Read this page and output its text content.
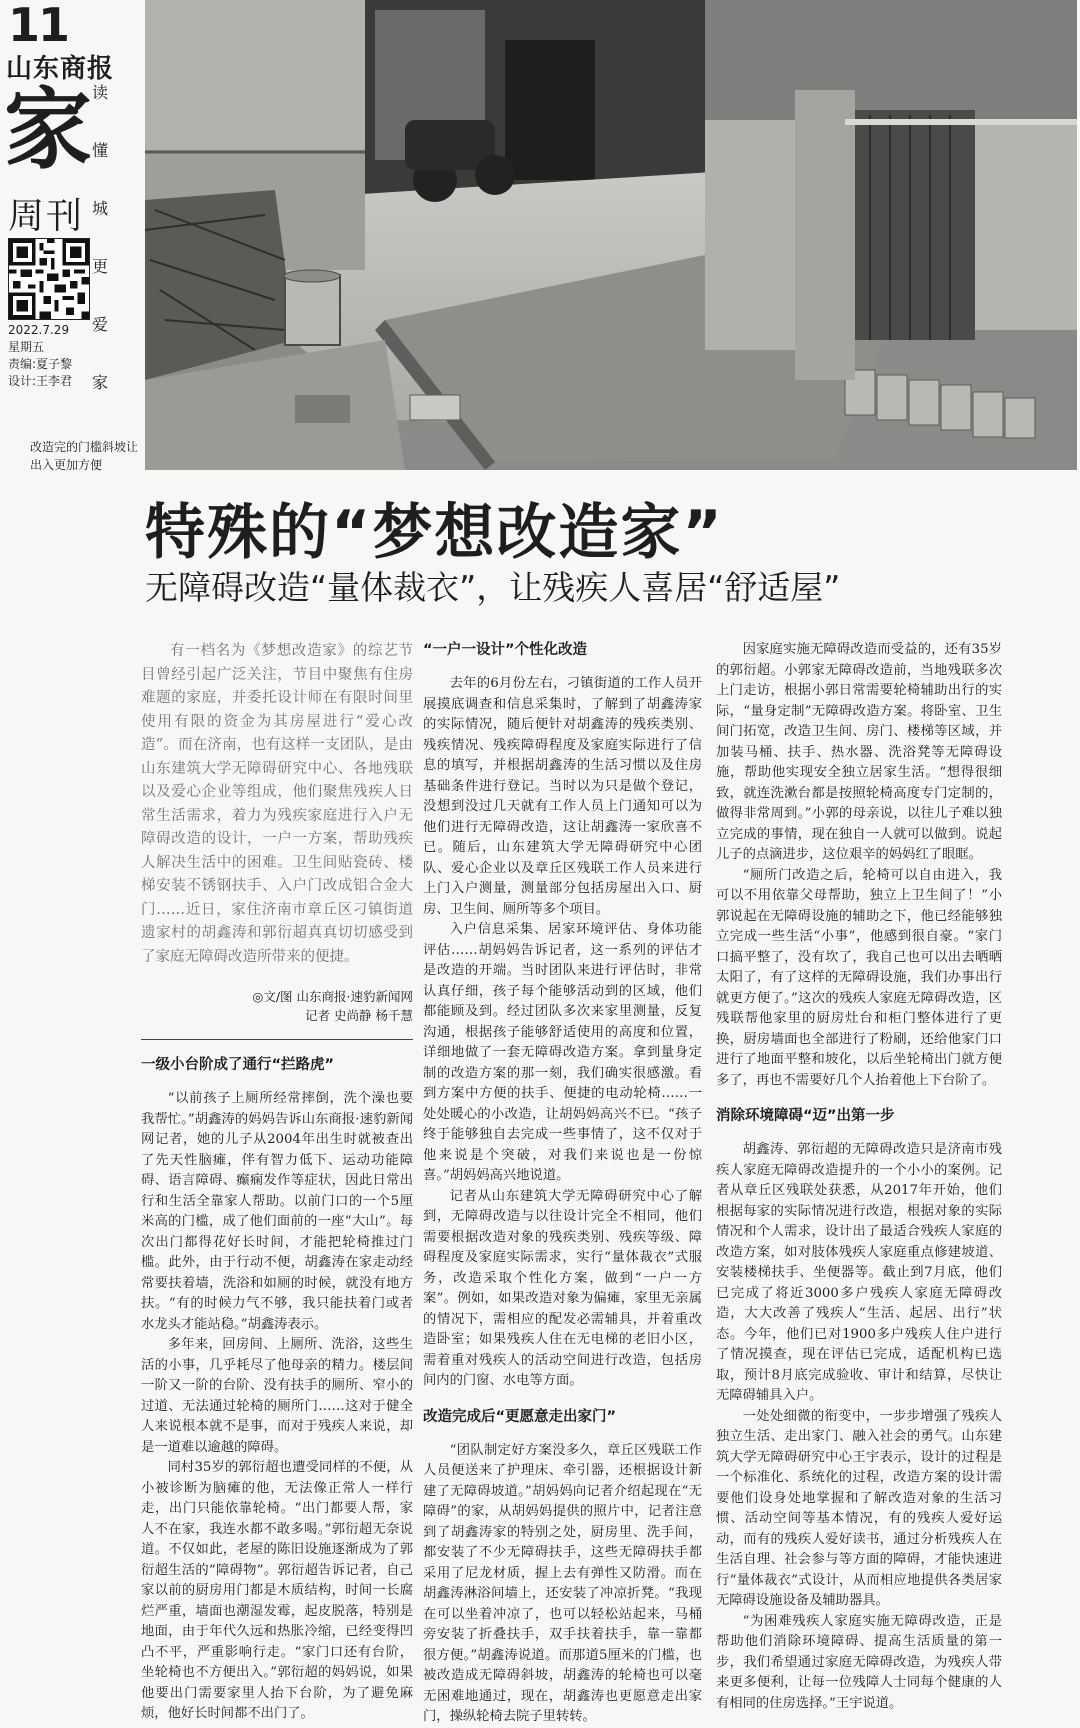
11
山东商报
家
周刊
读
懂
城
更
爱
家
2022.7.29
星期五
责编:夏子黎
设计:王李君
改造完的门槛斜坡让出入更加方便
特殊的“梦想改造家”
无障碍改造“量体裁衣”，让残疾人喜居“舒适屋”

有一档名为《梦想改造家》的综艺节目曾经引起广泛关注，节目中聚焦有住房难题的家庭，并委托设计师在有限时间里使用有限的资金为其房屋进行“爱心改造”。而在济南，也有这样一支团队，是由山东建筑大学无障碍研究中心、各地残联以及爱心企业等组成，他们聚焦残疾人日常生活需求，着力为残疾家庭进行入户无障碍改造的设计，一户一方案，帮助残疾人解决生活中的困难。卫生间贴瓷砖、楼梯安装不锈钢扶手、入户门改成铝合金大门……近日，家住济南市章丘区刁镇街道遗家村的胡鑫涛和郭衍超真真切切感受到了家庭无障碍改造所带来的便捷。

◎文/图 山东商报·速豹新闻网
记者 史尚静 杨千慧
一级小台阶成了通行“拦路虎”

“以前孩子上厕所经常摔倒，洗个澡也要我帮忙。”胡鑫涛的妈妈告诉山东商报·速豹新闻网记者，她的儿子从2004年出生时就被查出了先天性脑瘫，伴有智力低下、运动功能障碍、语言障碍、癫痫发作等症状，因此日常出行和生活全靠家人帮助。以前门口的一个5厘米高的门槛，成了他们面前的一座“大山”。每次出门都得花好长时间，才能把轮椅推过门槛。此外，由于行动不便，胡鑫涛在家走动经常要扶着墙，洗浴和如厕的时候，就没有地方扶。“有的时候力气不够，我只能扶着门或者水龙头才能站稳。”胡鑫涛表示。

多年来，回房间、上厕所、洗浴，这些生活的小事，几乎耗尽了他母亲的精力。楼层间一阶又一阶的台阶、没有扶手的厕所、窄小的过道、无法通过轮椅的厕所门……这对于健全人来说根本就不是事，而对于残疾人来说，却是一道难以逾越的障碍。

同村35岁的郭衍超也遭受同样的不便，从小被诊断为脑瘫的他，无法像正常人一样行走，出门只能依靠轮椅。“出门都要人帮，家人不在家，我连水都不敢多喝。”郭衍超无奈说道。不仅如此，老屋的陈旧设施逐渐成为了郭衍超生活的“障碍物”。郭衍超告诉记者，自己家以前的厨房用门都是木质结构，时间一长腐烂严重，墙面也潮湿发霉，起皮脱落，特别是地面，由于年代久远和热胀冷缩，已经变得凹凸不平，严重影响行走。“家门口还有台阶，坐轮椅也不方便出入。”郭衍超的妈妈说，如果他要出门需要家里人抬下台阶，为了避免麻烦，他好长时间都不出门了。

“一户一设计”个性化改造

去年的6月份左右，刁镇街道的工作人员开展摸底调查和信息采集时，了解到了胡鑫涛家的实际情况，随后便针对胡鑫涛的残疾类别、残疾情况、残疾障碍程度及家庭实际进行了信息的填写，并根据胡鑫涛的生活习惯以及住房基础条件进行登记。当时以为只是做个登记，没想到没过几天就有工作人员上门通知可以为他们进行无障碍改造，这让胡鑫涛一家欣喜不已。随后，山东建筑大学无障碍研究中心团队、爱心企业以及章丘区残联工作人员来进行上门入户测量，测量部分包括房屋出入口、厨房、卫生间、厕所等多个项目。

入户信息采集、居家环境评估、身体功能评估……胡妈妈告诉记者，这一系列的评估才是改造的开端。当时团队来进行评估时，非常认真仔细，孩子每个能够活动到的区域，他们都能顾及到。经过团队多次来家里测量，反复沟通，根据孩子能够舒适使用的高度和位置，详细地做了一套无障碍改造方案。拿到量身定制的改造方案的那一刻，我们确实很感激。看到方案中方便的扶手、便捷的电动轮椅……一处处暖心的小改造，让胡妈妈高兴不已。“孩子终于能够独自去完成一些事情了，这不仅对于他来说是个突破，对我们来说也是一份惊喜。”胡妈妈高兴地说道。

记者从山东建筑大学无障碍研究中心了解到，无障碍改造与以往设计完全不相同，他们需要根据改造对象的残疾类别、残疾等级、障碍程度及家庭实际需求，实行“量体裁衣”式服务，改造采取个性化方案，做到“一户一方案”。例如，如果改造对象为偏瘫，家里无亲属的情况下，需相应的配发必需辅具，并着重改造卧室；如果残疾人住在无电梯的老旧小区，需着重对残疾人的活动空间进行改造，包括房间内的门窗、水电等方面。

改造完成后“更愿意走出家门”

“团队制定好方案没多久，章丘区残联工作人员便送来了护理床、牵引器，还根据设计新建了无障碍坡道。”胡妈妈向记者介绍起现在“无障碍”的家，从胡妈妈提供的照片中，记者注意到了胡鑫涛家的特别之处，厨房里、洗手间，都安装了不少无障碍扶手，这些无障碍扶手都采用了尼龙材质，握上去有弹性又防滑。而在胡鑫涛淋浴间墙上，还安装了冲凉折凳。“我现在可以坐着冲凉了，也可以轻松站起来，马桶旁安装了折叠扶手，双手扶着扶手，靠一靠都很方便。”胡鑫涛说道。而那道5厘米的门槛，也被改造成无障碍斜坡，胡鑫涛的轮椅也可以毫无困难地通过，现在，胡鑫涛也更愿意走出家门，操纵轮椅去院子里转转。

因家庭实施无障碍改造而受益的，还有35岁的郭衍超。小郭家无障碍改造前，当地残联多次上门走访，根据小郭日常需要轮椅辅助出行的实际，“量身定制”无障碍改造方案。将卧室、卫生间门拓宽，改造卫生间、房门、楼梯等区域，并加装马桶、扶手、热水器、洗浴凳等无障碍设施，帮助他实现安全独立居家生活。“想得很细致，就连洗漱台都是按照轮椅高度专门定制的，做得非常周到。”小郭的母亲说，以往儿子难以独立完成的事情，现在独自一人就可以做到。说起儿子的点滴进步，这位艰辛的妈妈红了眼眶。

“厕所门改造之后，轮椅可以自由进入，我可以不用依靠父母帮助，独立上卫生间了！”小郭说起在无障碍设施的辅助之下，他已经能够独立完成一些生活“小事”，他感到很自豪。“家门口搞平整了，没有坎了，我自己也可以出去晒晒太阳了，有了这样的无障碍设施，我们办事出行就更方便了。”这次的残疾人家庭无障碍改造，区残联帮他家里的厨房灶台和柜门整体进行了更换，厨房墙面也全部进行了粉刷，还给他家门口进行了地面平整和坡化，以后坐轮椅出门就方便多了，再也不需要好几个人抬着他上下台阶了。

消除环境障碍“迈”出第一步

胡鑫涛、郭衍超的无障碍改造只是济南市残疾人家庭无障碍改造提升的一个小小的案例。记者从章丘区残联处获悉，从2017年开始，他们根据每家的实际情况进行改造，根据对象的实际情况和个人需求，设计出了最适合残疾人家庭的改造方案，如对肢体残疾人家庭重点修建坡道、安装楼梯扶手、坐便器等。截止到7月底，他们已完成了将近3000多户残疾人家庭无障碍改造，大大改善了残疾人“生活、起居、出行”状态。今年，他们已对1900多户残疾人住户进行了情况摸查，现在评估已完成，适配机构已选取，预计8月底完成验收、审计和结算，尽快让无障碍辅具入户。

一处处细微的衔变中，一步步增强了残疾人独立生活、走出家门、融入社会的勇气。山东建筑大学无障碍研究中心王宇表示，设计的过程是一个标准化、系统化的过程，改造方案的设计需要他们设身处地掌握和了解改造对象的生活习惯、活动空间等基本情况，有的残疾人爱好运动，而有的残疾人爱好读书，通过分析残疾人在生活自理、社会参与等方面的障碍，才能快速进行“量体裁衣”式设计，从而相应地提供各类居家无障碍设施设备及辅助器具。

“为困难残疾人家庭实施无障碍改造，正是帮助他们消除环境障碍、提高生活质量的第一步，我们希望通过家庭无障碍改造，为残疾人带来更多便利，让每一位残障人士同每个健康的人有相同的住房选择。”王宇说道。
